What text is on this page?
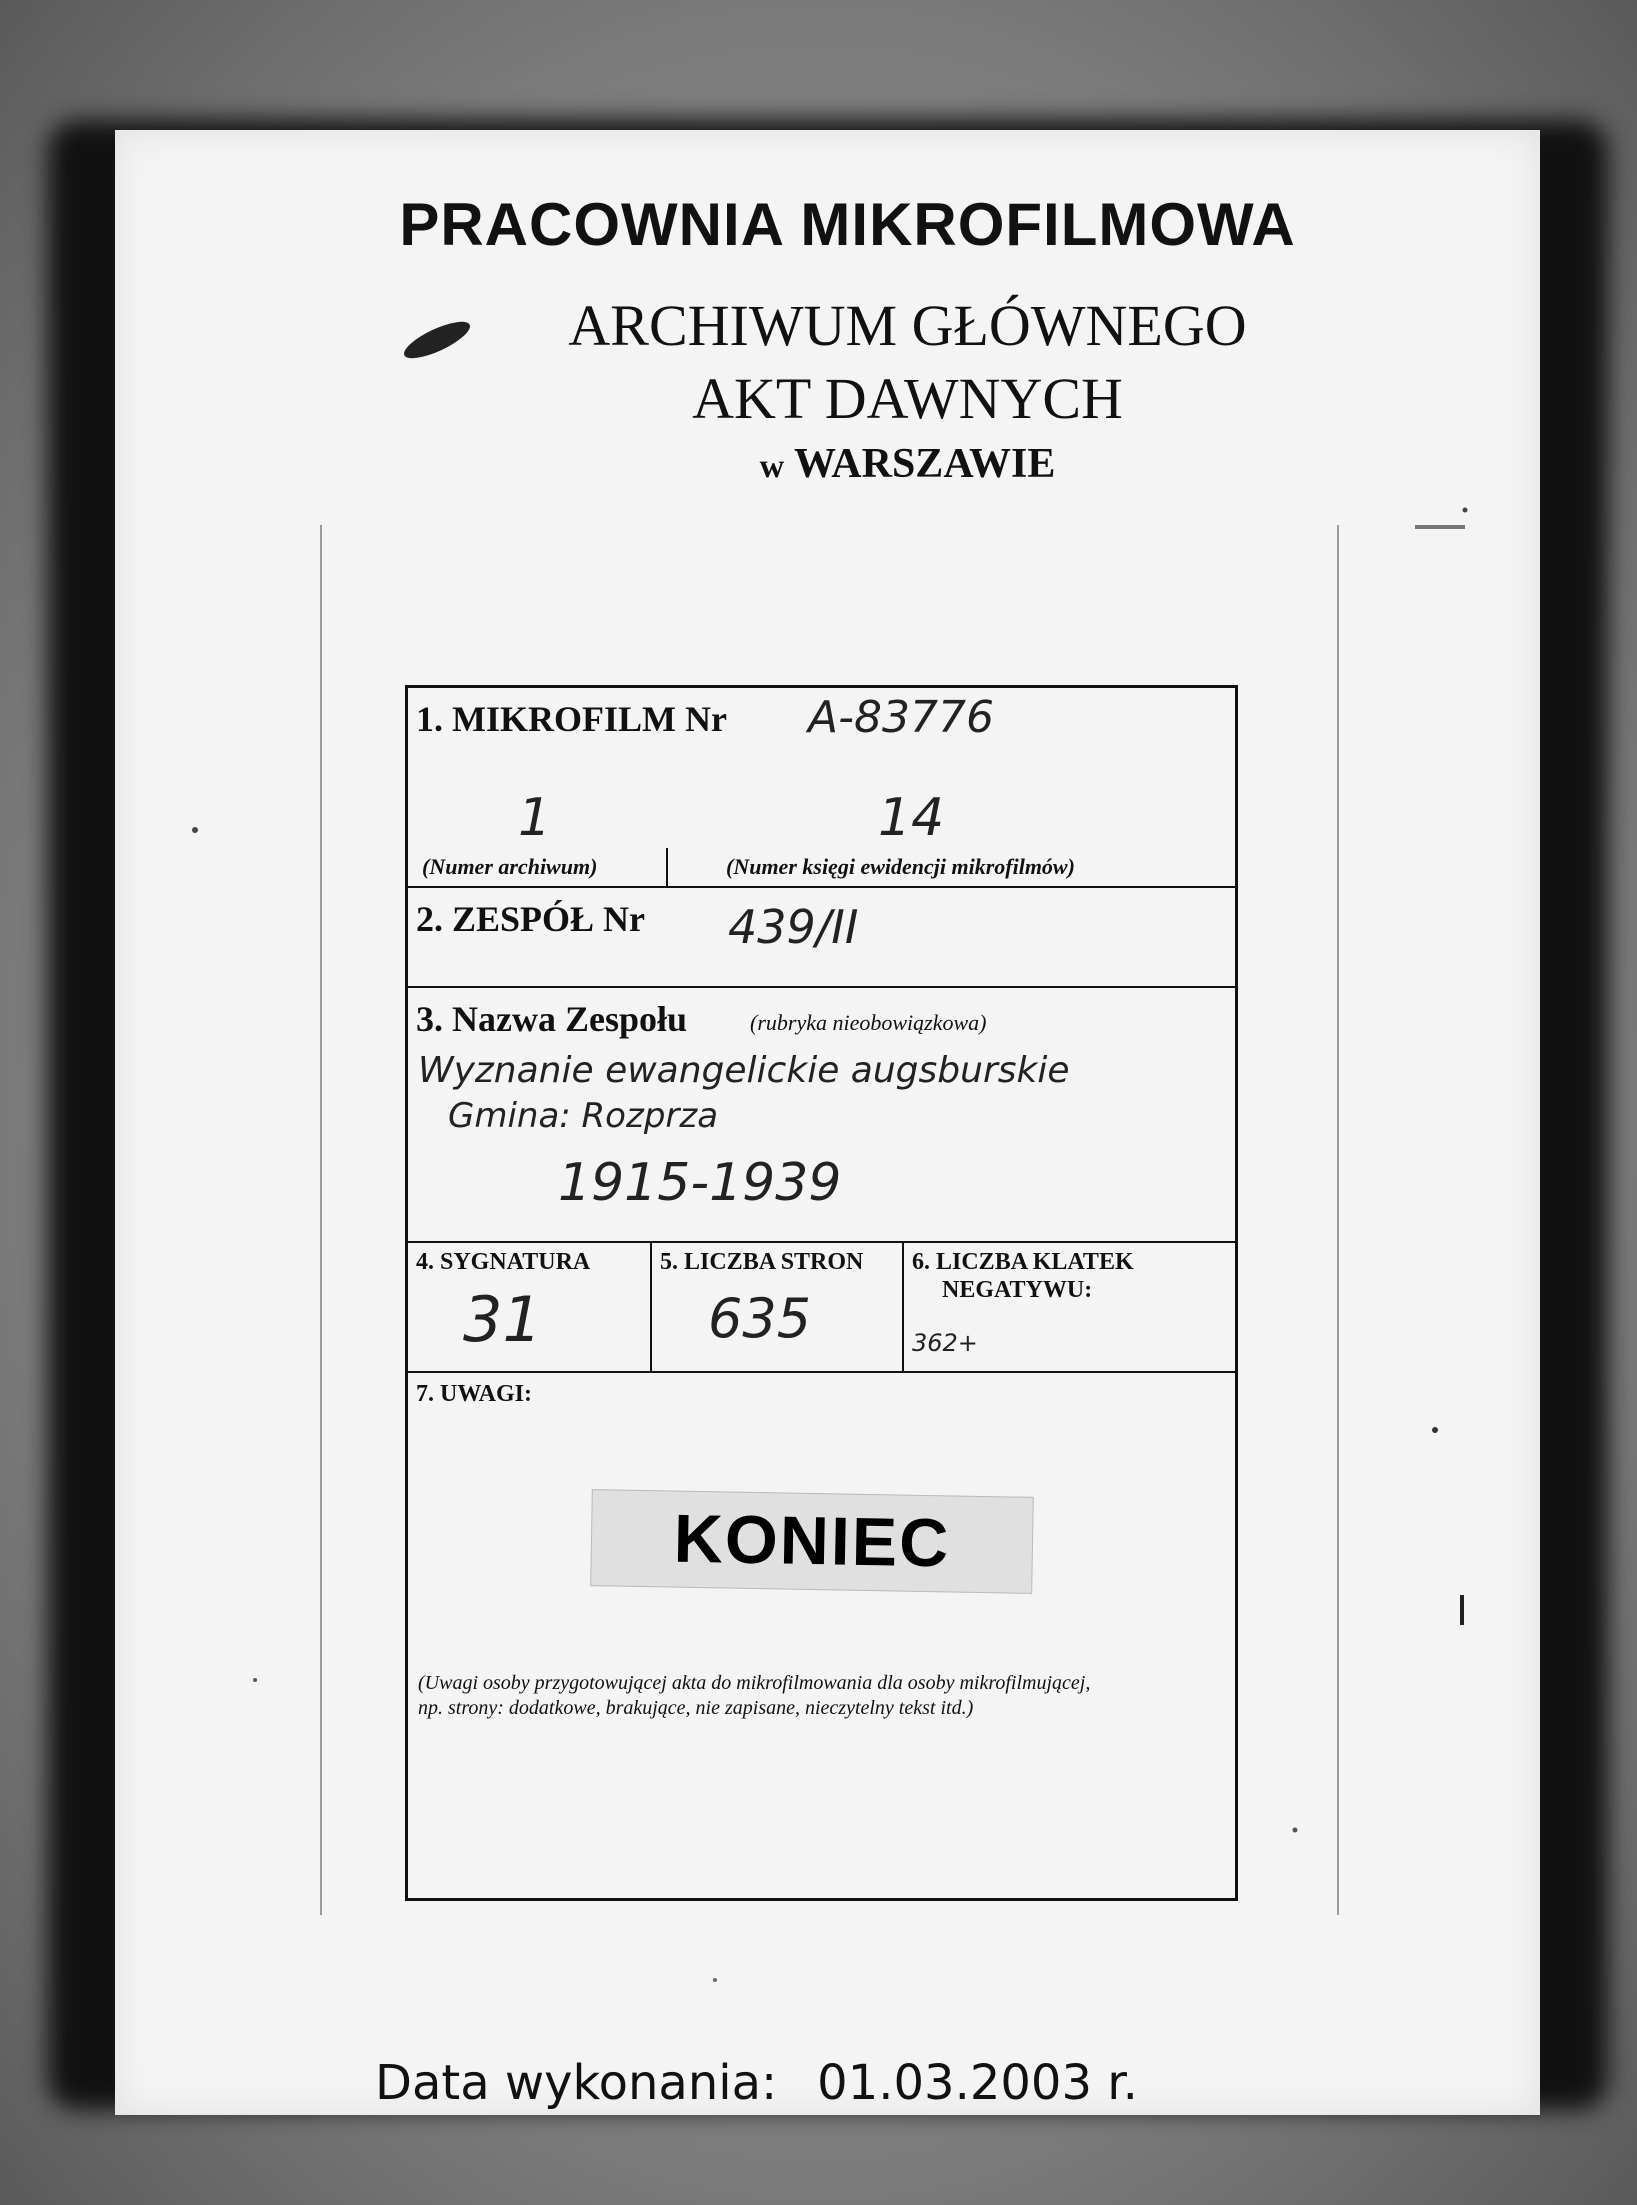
PRACOWNIA MIKROFILMOWA
ARCHIWUM GŁÓWNEGO
AKT DAWNYCH
w WARSZAWIE
1. MIKROFILM Nr A-83776
1	14
(Numer archiwum)	(Numer księgi ewidencji mikrofilmów)
2. ZESPÓŁ Nr 439/II
3. Nazwa Zespołu	(rubryka nieobowiązkowa)
Wyznanie ewangelickie augsburskie
Gmina: Rozprza
1915-1939
4. SYGNATURA
31
5. LICZBA STRON
635
6. LICZBA KLATEK
NEGATYWU:
362+
7. UWAGI:
KONIEC
(Uwagi osoby przygotowującej akta do mikrofilmowania dla osoby mikrofilmującej,
np. strony: dodatkowe, brakujące, nie zapisane, nieczytelny tekst itd.)
Data wykonania: 01.03.2003 r.
